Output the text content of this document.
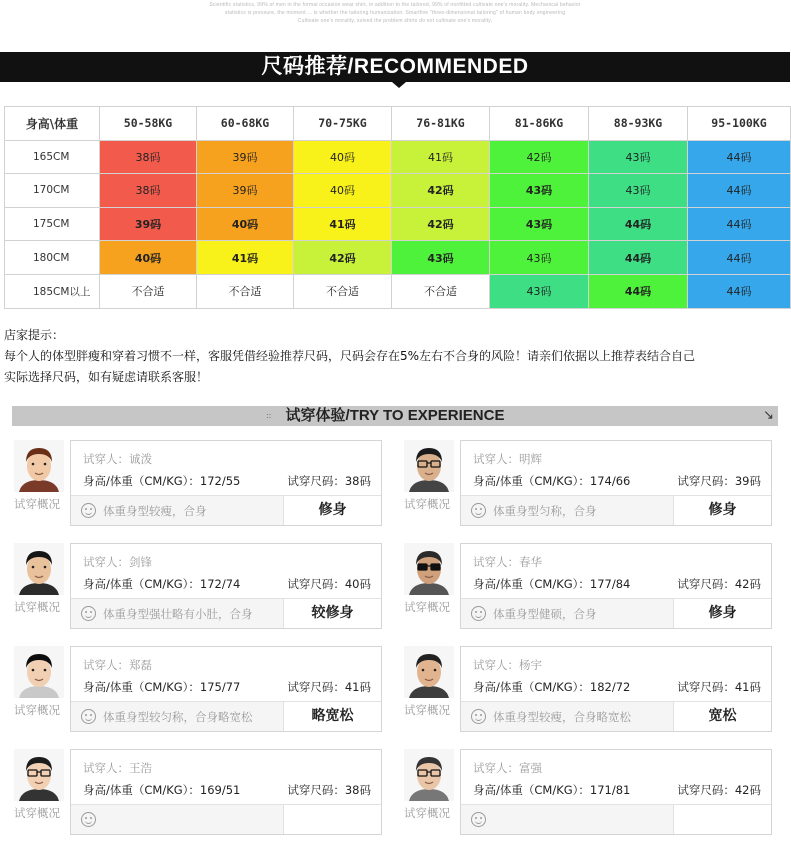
Scientific statistics, 99% of men in the formal occasion wear shirt, in addition to the tailored, 99% of nonfitted cultivate one's morality. Mechanical behavior

statistics is pressure, the moment ... is whether the tailoring humanization. Smartfive "three-dimensional tailoring" of human body engineering

Cultivate one's morality, solved the problem shirts do not cultivate one's morality.

尺码推荐/RECOMMENDED
身高\体重	50-58KG	60-68KG	70-75KG	76-81KG	81-86KG	88-93KG	95-100KG
165CM	38码	39码	40码	41码	42码	43码	44码
170CM	38码	39码	40码	42码	43码	43码	44码
175CM	39码	40码	41码	42码	43码	44码	44码
180CM	40码	41码	42码	43码	43码	44码	44码
185CM以上	不合适	不合适	不合适	不合适	43码	44码	44码
店家提示：
每个人的体型胖瘦和穿着习惯不一样，客服凭借经验推荐尺码，尺码会存在5%左右不合身的风险！请亲们依据以上推荐表结合自己
实际选择尺码，如有疑虑请联系客服！
:: 试穿体验/TRY TO EXPERIENCE	↘
试穿概况
试穿人：诚泼
身高/体重（CM/KG）：172/55	试穿尺码：38码
体重身型较瘦，合身	修身	试穿概况
试穿人：明辉
身高/体重（CM/KG）：174/66	试穿尺码：39码
体重身型匀称，合身	修身
试穿概况
试穿人：剑锋
身高/体重（CM/KG）：172/74	试穿尺码：40码
体重身型强壮略有小肚，合身	较修身	试穿概况
试穿人：春华
身高/体重（CM/KG）：177/84	试穿尺码：42码
体重身型健硕，合身	修身
试穿概况
试穿人：郑磊
身高/体重（CM/KG）：175/77	试穿尺码：41码
体重身型较匀称，合身略宽松	略宽松	试穿概况
试穿人：杨宇
身高/体重（CM/KG）：182/72	试穿尺码：41码
体重身型较瘦，合身略宽松	宽松
试穿概况
试穿人：王浩
身高/体重（CM/KG）：169/51	试穿尺码：38码
试穿概况
试穿人：富强
身高/体重（CM/KG）：171/81	试穿尺码：42码
